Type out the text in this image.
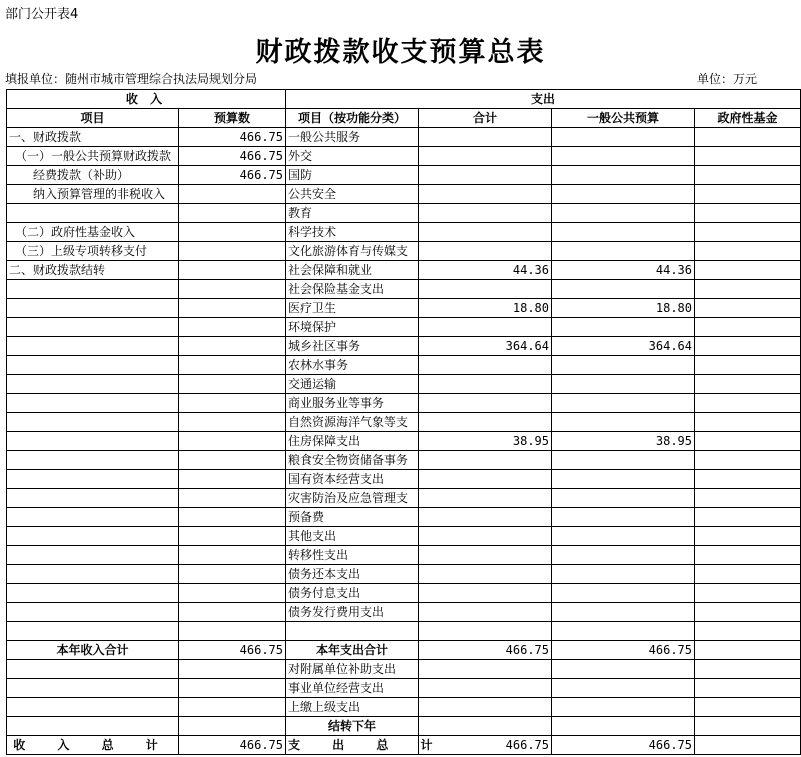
部门公开表4
财政拨款收支预算总表
填报单位：随州市城市管理综合执法局规划分局	单位：万元
收 入		支出			
项目	预算数	项目（按功能分类）	合计	一般公共预算	政府性基金
一、财政拨款	466.75	一般公共服务			
（一）一般公共预算财政拨款	466.75	外交			
经费拨款（补助）	466.75	国防			
纳入预算管理的非税收入		公共安全			
		教育			
（二）政府性基金收入		科学技术			
（三）上级专项转移支付		文化旅游体育与传媒支			
二、财政拨款结转		社会保障和就业	44.36	44.36	
		社会保险基金支出			
		医疗卫生	18.80	18.80	
		环境保护			
		城乡社区事务	364.64	364.64	
		农林水事务			
		交通运输			
		商业服务业等事务			
		自然资源海洋气象等支			
		住房保障支出	38.95	38.95	
		粮食安全物资储备事务			
		国有资本经营支出			
		灾害防治及应急管理支			
		预备费			
		其他支出			
		转移性支出			
		债务还本支出			
		债务付息支出			
		债务发行费用支出			

本年收入合计	466.75	本年支出合计	466.75	466.75	
		对附属单位补助支出			
		事业单位经营支出			
		上缴上级支出			
		结转下年			
收 入 总 计	466.75	支 出 总 计	466.75	466.75	
